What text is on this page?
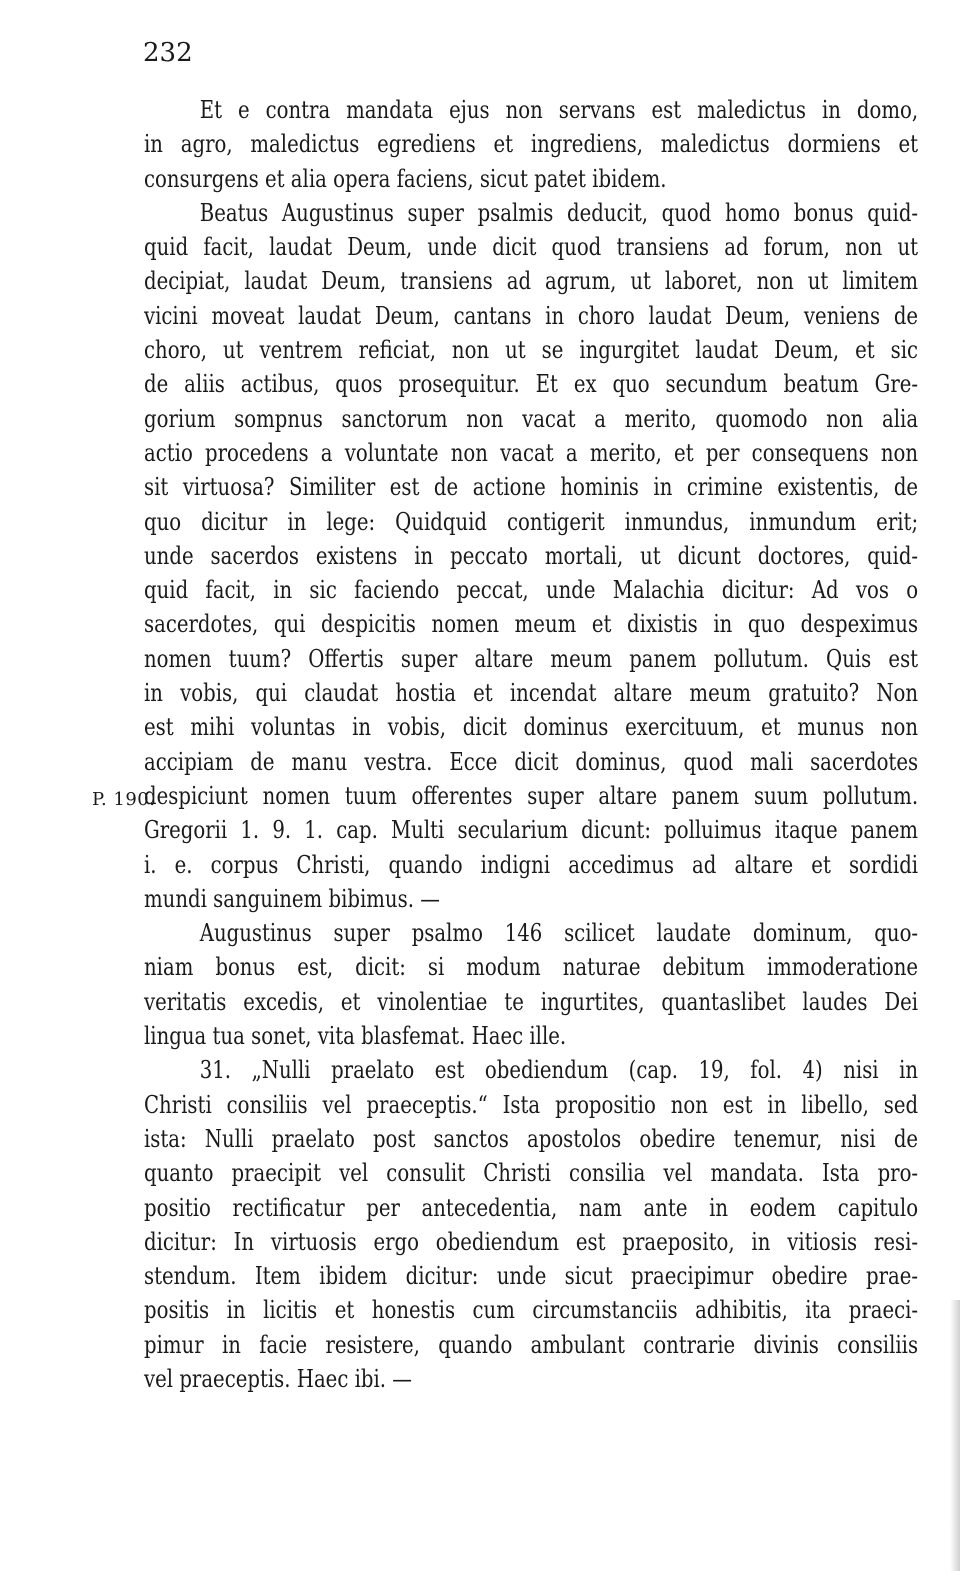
232
P. 190.
Et e contra mandata ejus non servans est maledictus in domo,
in agro, maledictus egrediens et ingrediens, maledictus dormiens et
consurgens et alia opera faciens, sicut patet ibidem.
Beatus Augustinus super psalmis deducit, quod homo bonus quid-
quid facit, laudat Deum, unde dicit quod transiens ad forum, non ut
decipiat, laudat Deum, transiens ad agrum, ut laboret, non ut limitem
vicini moveat laudat Deum, cantans in choro laudat Deum, veniens de
choro, ut ventrem reficiat, non ut se ingurgitet laudat Deum, et sic
de aliis actibus, quos prosequitur. Et ex quo secundum beatum Gre-
gorium sompnus sanctorum non vacat a merito, quomodo non alia
actio procedens a voluntate non vacat a merito, et per consequens non
sit virtuosa? Similiter est de actione hominis in crimine existentis, de
quo dicitur in lege: Quidquid contigerit inmundus, inmundum erit;
unde sacerdos existens in peccato mortali, ut dicunt doctores, quid-
quid facit, in sic faciendo peccat, unde Malachia dicitur: Ad vos o
sacerdotes, qui despicitis nomen meum et dixistis in quo despeximus
nomen tuum? Offertis super altare meum panem pollutum. Quis est
in vobis, qui claudat hostia et incendat altare meum gratuito? Non
est mihi voluntas in vobis, dicit dominus exercituum, et munus non
accipiam de manu vestra. Ecce dicit dominus, quod mali sacerdotes
despiciunt nomen tuum offerentes super altare panem suum pollutum.
Gregorii 1. 9. 1. cap. Multi secularium dicunt: polluimus itaque panem
i. e. corpus Christi, quando indigni accedimus ad altare et sordidi
mundi sanguinem bibimus. —
Augustinus super psalmo 146 scilicet laudate dominum, quo-
niam bonus est, dicit: si modum naturae debitum immoderatione
veritatis excedis, et vinolentiae te ingurtites, quantaslibet laudes Dei
lingua tua sonet, vita blasfemat. Haec ille.
31. „Nulli praelato est obediendum (cap. 19, fol. 4) nisi in
Christi consiliis vel praeceptis.“ Ista propositio non est in libello, sed
ista: Nulli praelato post sanctos apostolos obedire tenemur, nisi de
quanto praecipit vel consulit Christi consilia vel mandata. Ista pro-
positio rectificatur per antecedentia, nam ante in eodem capitulo
dicitur: In virtuosis ergo obediendum est praeposito, in vitiosis resi-
stendum. Item ibidem dicitur: unde sicut praecipimur obedire prae-
positis in licitis et honestis cum circumstanciis adhibitis, ita praeci-
pimur in facie resistere, quando ambulant contrarie divinis consiliis
vel praeceptis. Haec ibi. —
